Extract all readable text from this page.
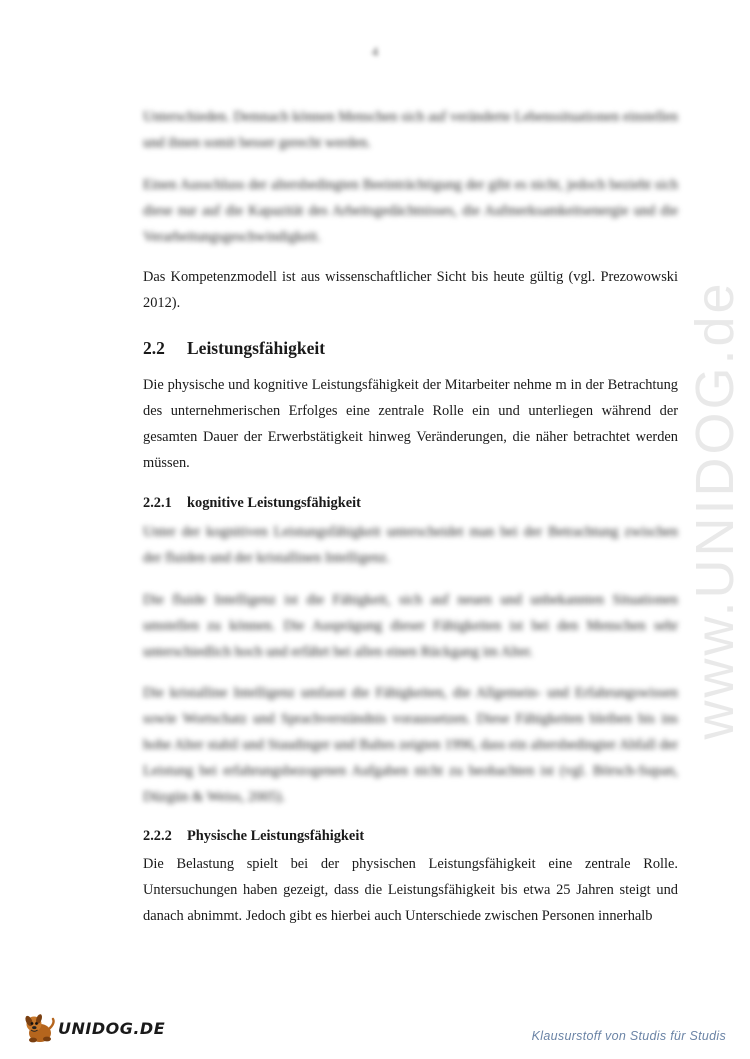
4

Unterschieden. Demnach können Menschen sich auf veränderte Lebenssituationen einstellen und ihnen somit besser gerecht werden.

Einen Ausschluss der altersbedingten Beeinträchtigung der gibt es nicht, jedoch bezieht sich diese nur auf die Kapazität des Arbeitsgedächtnisses, die Aufmerksamkeitsenergie und die Verarbeitungsgeschwindigkeit.

Das Kompetenzmodell ist aus wissenschaftlicher Sicht bis heute gültig (vgl. Prezowowski 2012).

2.2 Leistungsfähigkeit

Die physische und kognitive Leistungsfähigkeit der Mitarbeiter nehme m in der Betrachtung des unternehmerischen Erfolges eine zentrale Rolle ein und unterliegen während der gesamten Dauer der Erwerbstätigkeit hinweg Veränderungen, die näher betrachtet werden müssen.

2.2.1 kognitive Leistungsfähigkeit

Unter der kognitiven Leistungsfähigkeit unterscheidet man bei der Betrachtung zwischen der fluiden und der kristallinen Intelligenz.

Die fluide Intelligenz ist die Fähigkeit, sich auf neuen und unbekannten Situationen umstellen zu können. Die Ausprägung dieser Fähigkeiten ist bei den Menschen sehr unterschiedlich hoch und erfährt bei allen einen Rückgang im Alter.

Die kristalline Intelligenz umfasst die Fähigkeiten, die Allgemein- und Erfahrungswissen sowie Wortschatz und Sprachverständnis voraussetzen. Diese Fähigkeiten bleiben bis ins hohe Alter stabil und Staudinger und Baltes zeigten 1996, dass ein altersbedingter Abfall der Leistung bei erfahrungsbezogenen Aufgaben nicht zu beobachten ist (vgl. Börsch-Supan, Düzgün & Weiss, 2005).

2.2.2 Physische Leistungsfähigkeit

Die Belastung spielt bei der physischen Leistungsfähigkeit eine zentrale Rolle. Untersuchungen haben gezeigt, dass die Leistungsfähigkeit bis etwa 25 Jahren steigt und danach abnimmt. Jedoch gibt es hierbei auch Unterschiede zwischen Personen innerhalb

www.UNIDOG.de
UNIDOG.DE	Klausurstoff von Studis für Studis
